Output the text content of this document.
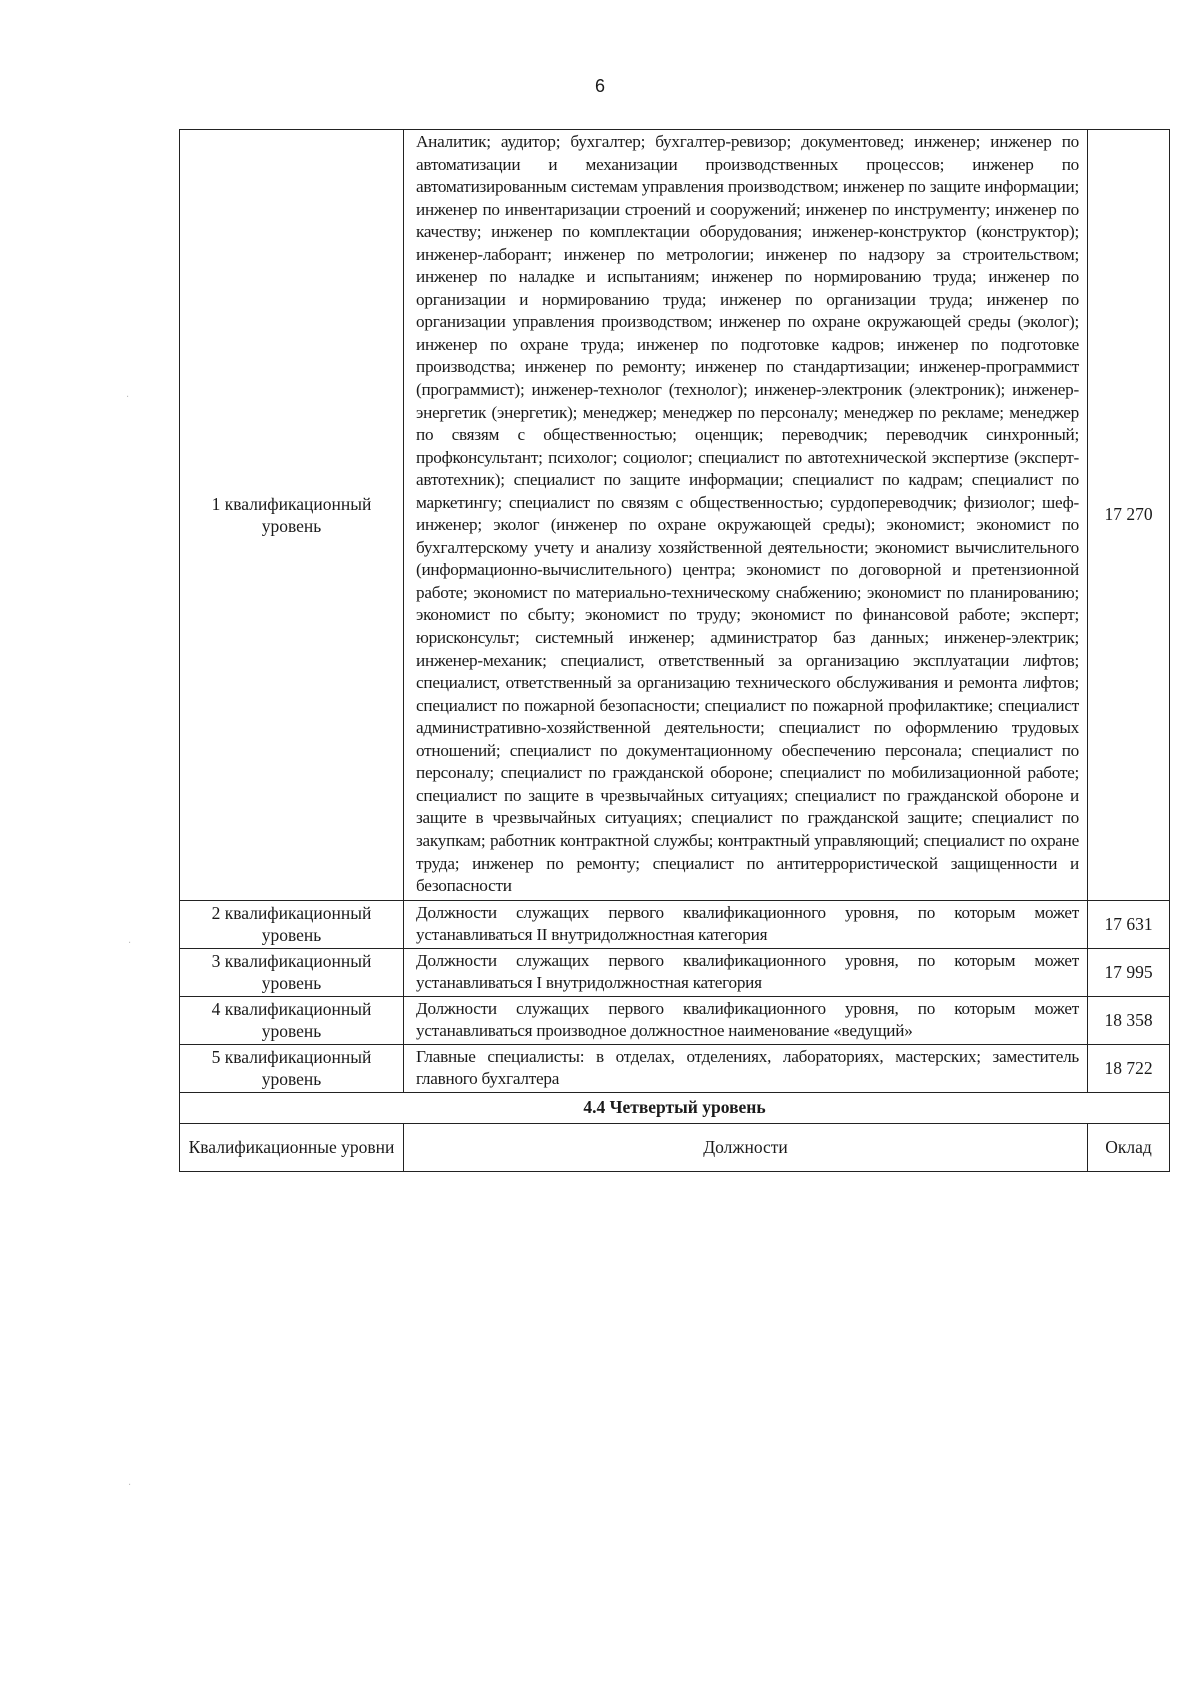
6
1 квалификационный уровень	Аналитик; аудитор; бухгалтер; бухгалтер-ревизор; документовед; инженер; инженер по автоматизации и механизации производственных процессов; инженер по автоматизированным системам управления производством; инженер по защите информации; инженер по инвентаризации строений и сооружений; инженер по инструменту; инженер по качеству; инженер по комплектации оборудования; инженер-конструктор (конструктор); инженер-лаборант; инженер по метрологии; инженер по надзору за строительством; инженер по наладке и испытаниям; инженер по нормированию труда; инженер по организации и нормированию труда; инженер по организации труда; инженер по организации управления производством; инженер по охране окружающей среды (эколог); инженер по охране труда; инженер по подготовке кадров; инженер по подготовке производства; инженер по ремонту; инженер по стандартизации; инженер-программист (программист); инженер-технолог (технолог); инженер-электроник (электроник); инженер-энергетик (энергетик); менеджер; менеджер по персоналу; менеджер по рекламе; менеджер по связям с общественностью; оценщик; переводчик; переводчик синхронный; профконсультант; психолог; социолог; специалист по автотехнической экспертизе (эксперт-автотехник); специалист по защите информации; специалист по кадрам; специалист по маркетингу; специалист по связям с общественностью; сурдопереводчик; физиолог; шеф-инженер; эколог (инженер по охране окружающей среды); экономист; экономист по бухгалтерскому учету и анализу хозяйственной деятельности; экономист вычислительного (информационно-вычислительного) центра; экономист по договорной и претензионной работе; экономист по материально-техническому снабжению; экономист по планированию; экономист по сбыту; экономист по труду; экономист по финансовой работе; эксперт; юрисконсульт; системный инженер; администратор баз данных; инженер-электрик; инженер-механик; специалист, ответственный за организацию эксплуатации лифтов; специалист, ответственный за организацию технического обслуживания и ремонта лифтов; специалист по пожарной безопасности; специалист по пожарной профилактике; специалист административно-хозяйственной деятельности; специалист по оформлению трудовых отношений; специалист по документационному обеспечению персонала; специалист по персоналу; специалист по гражданской обороне; специалист по мобилизационной работе; специалист по защите в чрезвычайных ситуациях; специалист по гражданской обороне и защите в чрезвычайных ситуациях; специалист по гражданской защите; специалист по закупкам; работник контрактной службы; контрактный управляющий; специалист по охране труда; инженер по ремонту; специалист по антитеррористической защищенности и безопасности	17 270
2 квалификационный уровень	Должности служащих первого квалификационного уровня, по которым может устанавливаться II внутридолжностная категория	17 631
3 квалификационный уровень	Должности служащих первого квалификационного уровня, по которым может устанавливаться I внутридолжностная категория	17 995
4 квалификационный уровень	Должности служащих первого квалификационного уровня, по которым может устанавливаться производное должностное наименование «ведущий»	18 358
5 квалификационный уровень	Главные специалисты: в отделах, отделениях, лабораториях, мастерских; заместитель главного бухгалтера	18 722
4.4 Четвертый уровень		
Квалификационные уровни	Должности	Оклад
·
·
·
